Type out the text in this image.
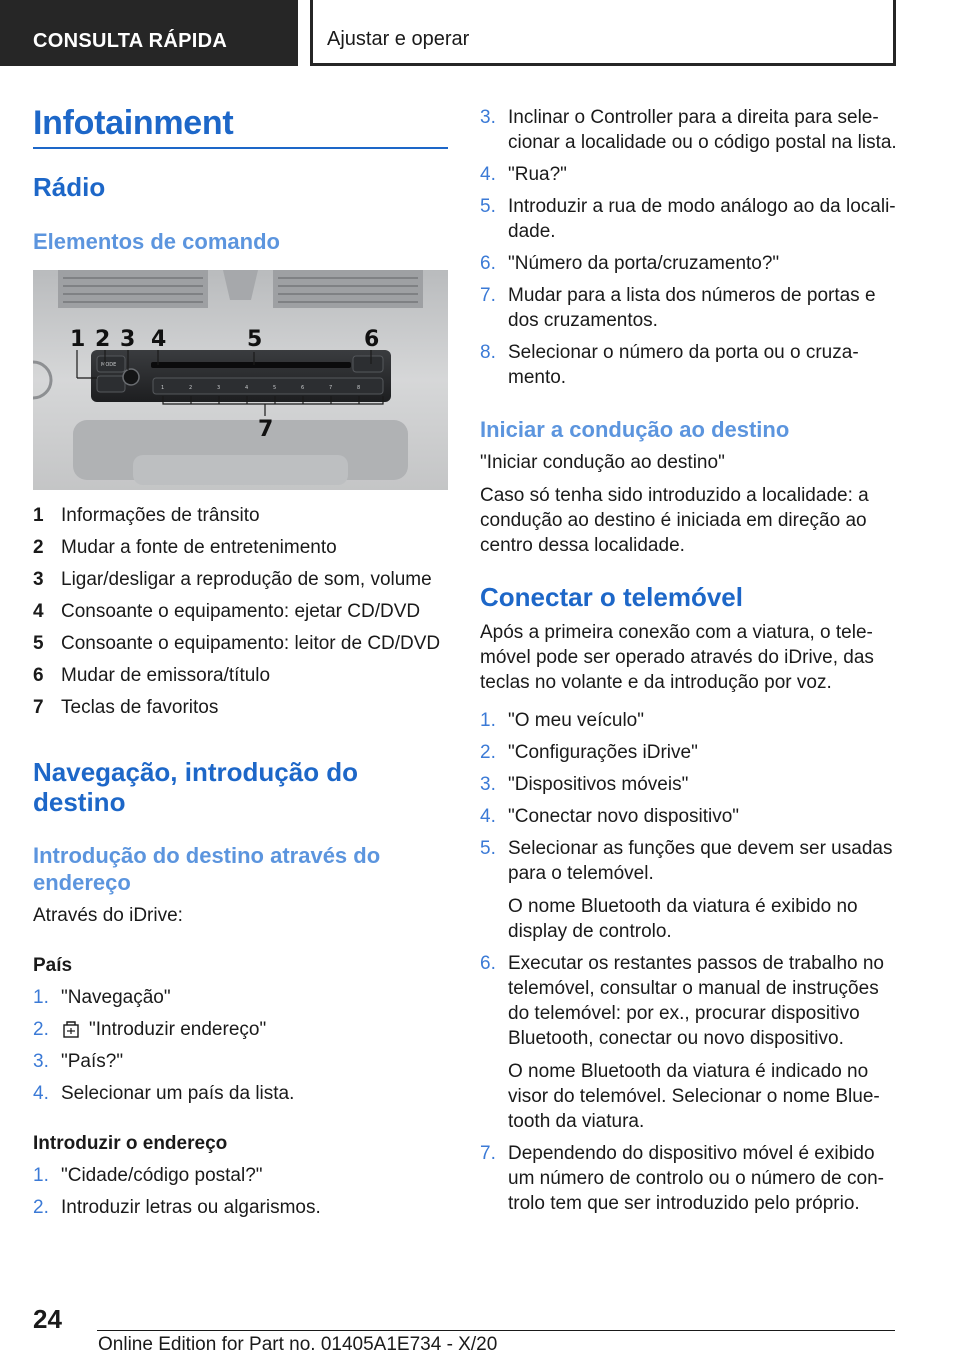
CONSULTA RÁPIDA	Ajustar e operar
Infotainment
Rádio
Elementos de comando
MODE
1	2	3	4	5	6	7	8
1 2 3 4	5	6
7
1 Informações de trânsito
2 Mudar a fonte de entretenimento
3 Ligar/desligar a reprodução de som, volume
4 Consoante o equipamento: ejetar CD/DVD
5 Consoante o equipamento: leitor de CD/DVD
6 Mudar de emissora/título
7 Teclas de favoritos
Navegação, introdução do
destino
Introdução do destino através do
endereço
Através do iDrive:
País
1. "Navegação"
2. "Introduzir endereço"
3. "País?"
4. Selecionar um país da lista.
Introduzir o endereço
1. "Cidade/código postal?"
2. Introduzir letras ou algarismos.
3. Inclinar o Controller para a direita para sele-
cionar a localidade ou o código postal na lista.
4. "Rua?"
5. Introduzir a rua de modo análogo ao da locali-
dade.
6. "Número da porta/cruzamento?"
7. Mudar para a lista dos números de portas e
dos cruzamentos.
8. Selecionar o número da porta ou o cruza-
mento.
Iniciar a condução ao destino
"Iniciar condução ao destino"
Caso só tenha sido introduzido a localidade: a
condução ao destino é iniciada em direção ao
centro dessa localidade.
Conectar o telemóvel
Após a primeira conexão com a viatura, o tele-
móvel pode ser operado através do iDrive, das
teclas no volante e da introdução por voz.
1. "O meu veículo"
2. "Configurações iDrive"
3. "Dispositivos móveis"
4. "Conectar novo dispositivo"
5. Selecionar as funções que devem ser usadas
para o telemóvel.
O nome Bluetooth da viatura é exibido no
display de controlo.
6. Executar os restantes passos de trabalho no
telemóvel, consultar o manual de instruções
do telemóvel: por ex., procurar dispositivo
Bluetooth, conectar ou novo dispositivo.
O nome Bluetooth da viatura é indicado no
visor do telemóvel. Selecionar o nome Blue-
tooth da viatura.
7. Dependendo do dispositivo móvel é exibido
um número de controlo ou o número de con-
trolo tem que ser introduzido pelo próprio.
24
Online Edition for Part no. 01405A1E734 - X/20
